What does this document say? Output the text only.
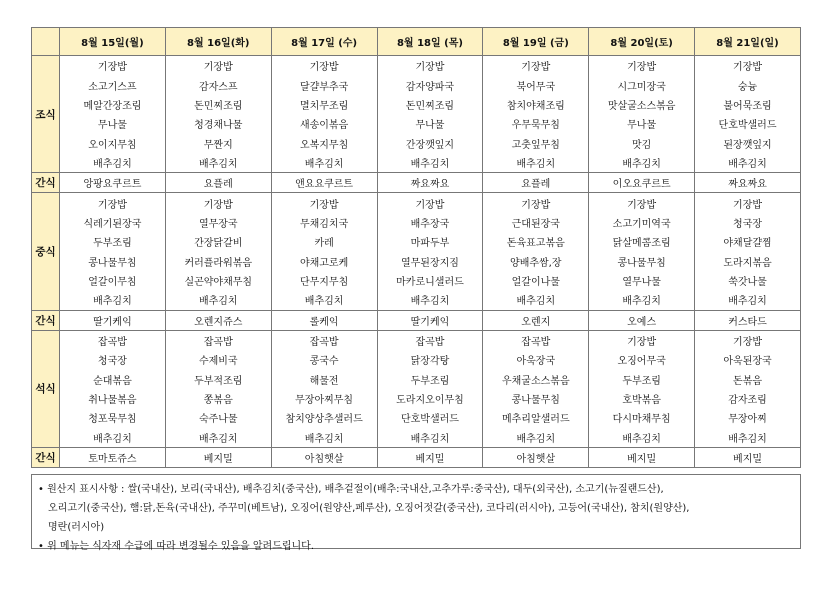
	8월 15일(월)	8월 16일(화)	8월 17일 (수)	8월 18일 (목)	8월 19일 (금)	8월 20일(토)	8월 21일(일)
조식	기장밥	기장밥	기장밥	기장밥	기장밥	기장밥	기장밥
	소고기스프	감자스프	달걀부추국	감자양파국	북어무국	시그미장국	숭늉
	메알간장조림	돈민찌조림	멸치무조림	돈민찌조림	참치야채조림	맛살굴소스볶음	불어묵조림
	무나물	청경채나물	새송이볶음	무나물	우무묵무침	무나물	단호박샐러드
	오이지무침	무짠지	오복지무침	간장깻잎지	고춧잎무침	맛김	된장깻잎지
	배추김치	배추김치	배추김치	배추김치	배추김치	배추김치	배추김치
간식	앙팡요쿠르트	요플레	앤요요쿠르트	짜요짜요	요플레	이오요쿠르트	짜요짜요
중식	기장밥	기장밥	기장밥	기장밥	기장밥	기장밥	기장밥
	식레기된장국	열무장국	무채김치국	배추장국	근대된장국	소고기미역국	청국장
	두부조림	간장닭갈비	카레	마파두부	돈육표고볶음	닭살메콤조림	야채달걀찜
	콩나물무침	커러플라워볶음	야채고로케	열무된장지짐	양배추쌈,장	콩나물무침	도라지볶음
	얼갈이무침	실곤약야채무침	단무지무침	마카로니샐러드	얼갈이나물	열무나물	쑥갓나물
	배추김치	배추김치	배추김치	배추김치	배추김치	배추김치	배추김치
간식	딸기케익	오렌지쥬스	롤케익	딸기케익	오렌지	오예스	커스타드
석식	잡곡밥	잡곡밥	잡곡밥	잡곡밥	잡곡밥	기장밥	기장밥
	청국장	수제비국	콩국수	닭장각탕	아욱장국	오징어무국	아욱된장국
	순대볶음	두부적조림	해물전	두부조림	우채굴소스볶음	두부조림	돈볶음
	취나물볶음	쫑볶음	무장아찌무침	도라지오이무침	콩나물무침	호박볶음	감자조림
	청포묵무침	숙주나물	참치양상추샐러드	단호박샐러드	메추리알샐러드	다시마채무침	무장아찌
	배추김치	배추김치	배추김치	배추김치	배추김치	배추김치	배추김치
간식	토마토쥬스	베지밀	아침햇살	베지밀	아침햇살	베지밀	베지밀
• 원산지 표시사항 : 쌀(국내산), 보리(국내산), 배추김치(중국산), 배추겉절이(배추:국내산,고추가루:중국산), 대두(외국산), 소고기(뉴질랜드산),
오리고기(중국산), 햄:닭,돈육(국내산), 주꾸미(베트남), 오징어(원양산,페루산), 오징어젓갈(중국산), 코다리(러시아), 고등어(국내산), 참치(원양산),
명란(러시아)
• 위 메뉴는 식자재 수급에 따라 변경될수 있음을 알려드립니다.
